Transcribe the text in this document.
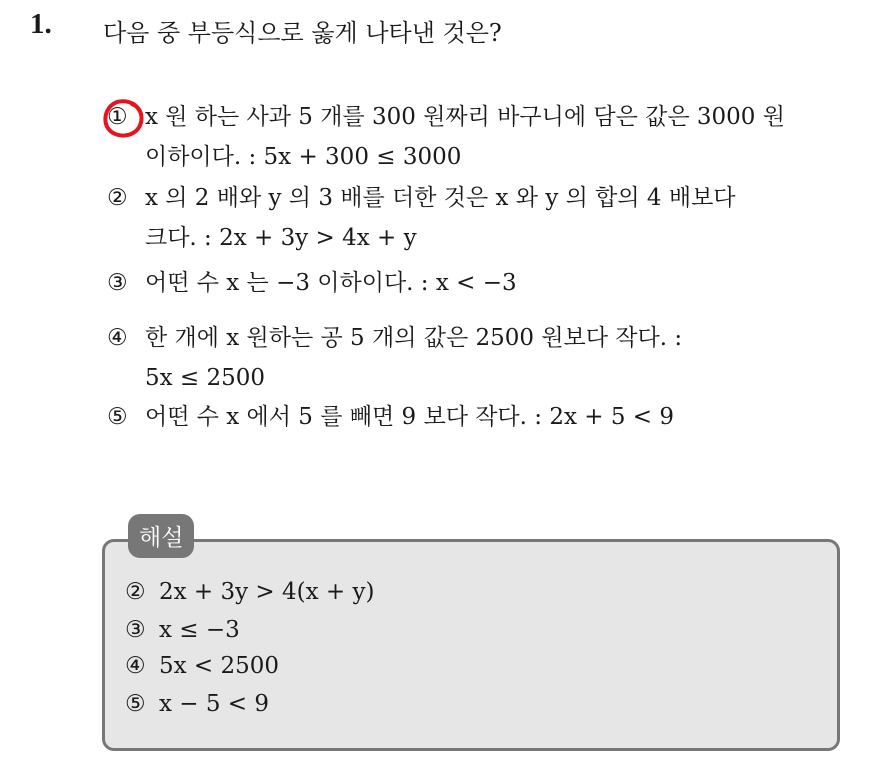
1. 다음 중 부등식으로 옳게 나타낸 것은?
① x 원 하는 사과 5 개를 300 원짜리 바구니에 담은 값은 3000 원
이하이다. : 5x + 300 ≤ 3000
② x 의 2 배와 y 의 3 배를 더한 것은 x 와 y 의 합의 4 배보다
크다. : 2x + 3y > 4x + y
③ 어떤 수 x 는 −3 이하이다. : x < −3
④ 한 개에 x 원하는 공 5 개의 값은 2500 원보다 작다. :
5x ≤ 2500
⑤ 어떤 수 x 에서 5 를 빼면 9 보다 작다. : 2x + 5 < 9
해설
② 2x + 3y > 4(x + y)
③ x ≤ −3
④ 5x < 2500
⑤ x − 5 < 9
